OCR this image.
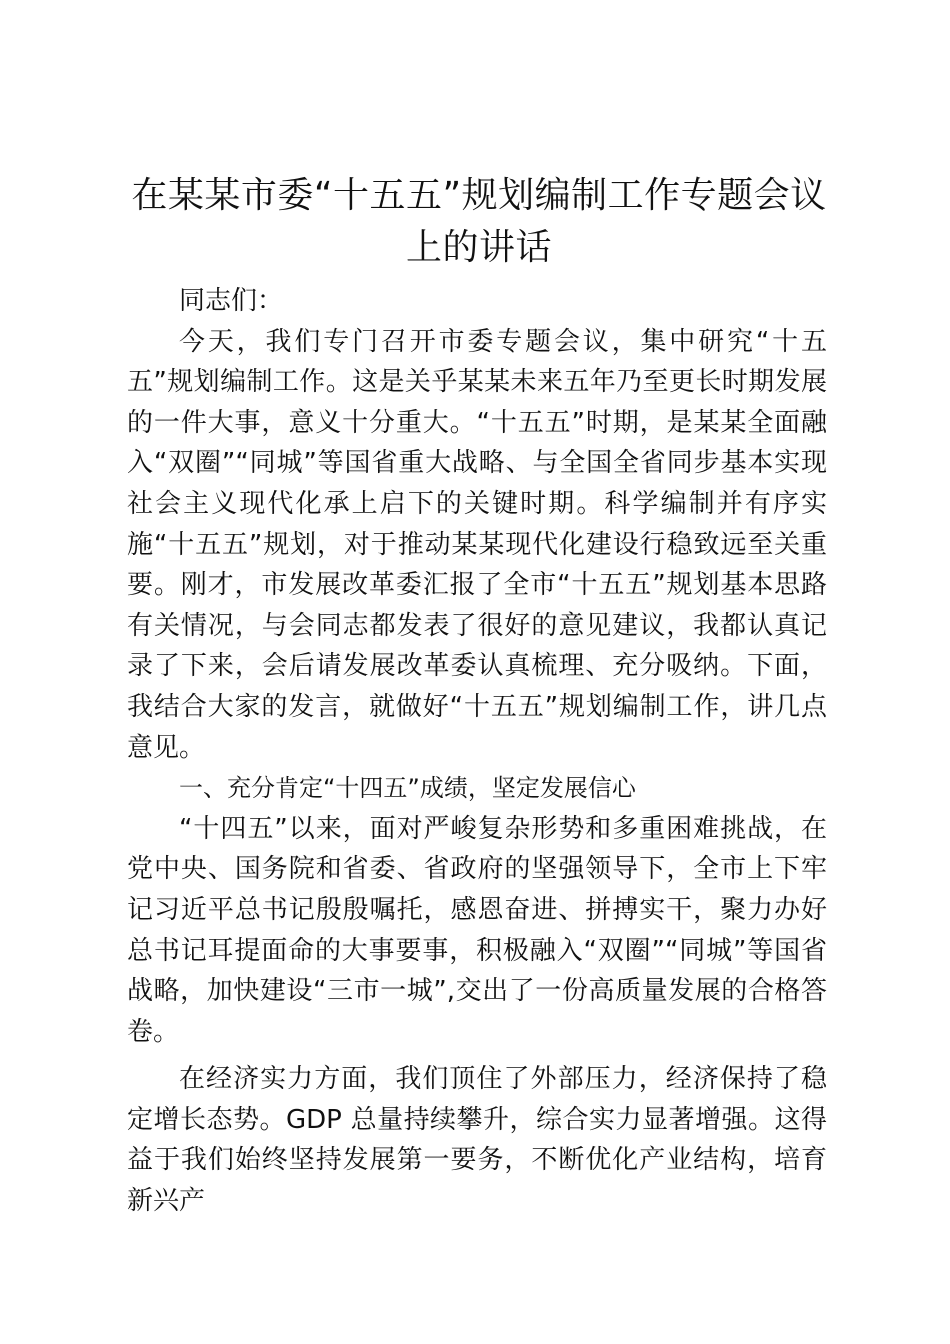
在某某市委“十五五”规划编制工作专题会议上的讲话

同志们：

今天，我们专门召开市委专题会议，集中研究“十五五”规划编制工作。这是关乎某某未来五年乃至更长时期发展的一件大事，意义十分重大。“十五五”时期，是某某全面融入“双圈”“同城”等国省重大战略、与全国全省同步基本实现社会主义现代化承上启下的关键时期。科学编制并有序实施“十五五”规划，对于推动某某现代化建设行稳致远至关重要。刚才，市发展改革委汇报了全市“十五五”规划基本思路有关情况，与会同志都发表了很好的意见建议，我都认真记录了下来，会后请发展改革委认真梳理、充分吸纳。下面，我结合大家的发言，就做好“十五五”规划编制工作，讲几点意见。

一、充分肯定“十四五”成绩，坚定发展信心

“十四五”以来，面对严峻复杂形势和多重困难挑战，在党中央、国务院和省委、省政府的坚强领导下，全市上下牢记习近平总书记殷殷嘱托，感恩奋进、拼搏实干，聚力办好总书记耳提面命的大事要事，积极融入“双圈”“同城”等国省战略，加快建设“三市一城”,交出了一份高质量发展的合格答卷。

在经济实力方面，我们顶住了外部压力，经济保持了稳定增长态势。GDP 总量持续攀升，综合实力显著增强。这得益于我们始终坚持发展第一要务，不断优化产业结构，培育新兴产
